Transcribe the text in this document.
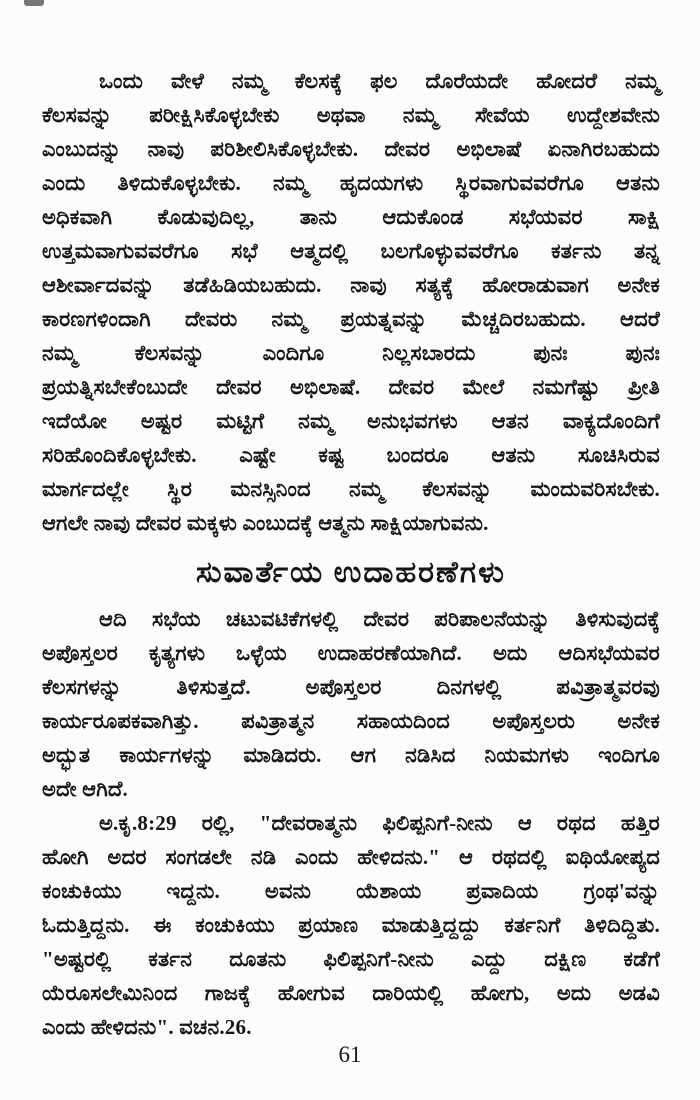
ಒಂದು ವೇಳೆ ನಮ್ಮ ಕೆಲಸಕ್ಕೆ ಫಲ ದೊರೆಯದೇ ಹೋದರೆ ನಮ್ಮ
ಕೆಲಸವನ್ನು ಪರೀಕ್ಷಿಸಿಕೊಳ್ಳಬೇಕು ಅಥವಾ ನಮ್ಮ ಸೇವೆಯ ಉದ್ದೇಶವೇನು
ಎಂಬುದನ್ನು ನಾವು ಪರಿಶೀಲಿಸಿಕೊಳ್ಳಬೇಕು. ದೇವರ ಅಭಿಲಾಷೆ ಏನಾಗಿರಬಹುದು
ಎಂದು ತಿಳಿದುಕೊಳ್ಳಬೇಕು. ನಮ್ಮ ಹೃದಯಗಳು ಸ್ಥಿರವಾಗುವವರೆಗೂ ಆತನು
ಅಧಿಕವಾಗಿ ಕೊಡುವುದಿಲ್ಲ, ತಾನು ಆದುಕೊಂಡ ಸಭೆಯವರ ಸಾಕ್ಷಿ
ಉತ್ತಮವಾಗುವವರೆಗೂ ಸಭೆ ಆತ್ಮದಲ್ಲಿ ಬಲಗೊಳ್ಳುವವರೆಗೂ ಕರ್ತನು ತನ್ನ
ಆಶೀರ್ವಾದವನ್ನು ತಡೆಹಿಡಿಯಬಹುದು. ನಾವು ಸತ್ಯಕ್ಕೆ ಹೋರಾಡುವಾಗ ಅನೇಕ
ಕಾರಣಗಳಿಂದಾಗಿ ದೇವರು ನಮ್ಮ ಪ್ರಯತ್ನವನ್ನು ಮೆಚ್ಚದಿರಬಹುದು. ಆದರೆ
ನಮ್ಮ ಕೆಲಸವನ್ನು ಎಂದಿಗೂ ನಿಲ್ಲಸಬಾರದು ಪುನಃ ಪುನಃ
ಪ್ರಯತ್ನಿಸಬೇಕೆಂಬುದೇ ದೇವರ ಅಭಿಲಾಷೆ. ದೇವರ ಮೇಲೆ ನಮಗೆಷ್ಟು ಪ್ರೀತಿ
ಇದೆಯೋ ಅಷ್ಟರ ಮಟ್ಟಿಗೆ ನಮ್ಮ ಅನುಭವಗಳು ಆತನ ವಾಕ್ಯದೊಂದಿಗೆ
ಸರಿಹೊಂದಿಕೊಳ್ಳಬೇಕು. ಎಷ್ಟೇ ಕಷ್ಟ ಬಂದರೂ ಆತನು ಸೂಚಿಸಿರುವ
ಮಾರ್ಗದಲ್ಲೇ ಸ್ಥಿರ ಮನಸ್ಸಿನಿಂದ ನಮ್ಮ ಕೆಲಸವನ್ನು ಮಂದುವರಿಸಬೇಕು.
ಆಗಲೇ ನಾವು ದೇವರ ಮಕ್ಕಳು ಎಂಬುದಕ್ಕೆ ಆತ್ಮನು ಸಾಕ್ಷಿಯಾಗುವನು.
ಸುವಾರ್ತೆಯ ಉದಾಹರಣೆಗಳು
ಆದಿ ಸಭೆಯ ಚಟುವಟಿಕೆಗಳಲ್ಲಿ ದೇವರ ಪರಿಪಾಲನೆಯನ್ನು ತಿಳಿಸುವುದಕ್ಕೆ
ಅಪೊಸ್ತಲರ ಕೃತ್ಯಗಳು ಒಳ್ಳೆಯ ಉದಾಹರಣೆಯಾಗಿದೆ. ಅದು ಆದಿಸಭೆಯವರ
ಕೆಲಸಗಳನ್ನು ತಿಳಿಸುತ್ತದೆ. ಅಪೊಸ್ತಲರ ದಿನಗಳಲ್ಲಿ ಪವಿತ್ರಾತ್ಮವರವು
ಕಾರ್ಯರೂಪಕವಾಗಿತ್ತು. ಪವಿತ್ರಾತ್ಮನ ಸಹಾಯದಿಂದ ಅಪೊಸ್ತಲರು ಅನೇಕ
ಅದ್ಭುತ ಕಾರ್ಯಗಳನ್ನು ಮಾಡಿದರು. ಆಗ ನಡಿಸಿದ ನಿಯಮಗಳು ಇಂದಿಗೂ
ಅದೇ ಆಗಿದೆ.
ಅ.ಕೃ.8:29 ರಲ್ಲಿ, "ದೇವರಾತ್ಮನು ಫಿಲಿಪ್ಪನಿಗೆ-ನೀನು ಆ ರಥದ ಹತ್ತಿರ
ಹೋಗಿ ಅದರ ಸಂಗಡಲೇ ನಡಿ ಎಂದು ಹೇಳಿದನು." ಆ ರಥದಲ್ಲಿ ಐಥಿಯೋಪ್ಯದ
ಕಂಚುಕಿಯು ಇದ್ದನು. ಅವನು ಯೆಶಾಯ ಪ್ರವಾದಿಯ ಗ್ರಂಥ'ವನ್ನು
ಓದುತ್ತಿದ್ದನು. ಈ ಕಂಚುಕಿಯು ಪ್ರಯಾಣ ಮಾಡುತ್ತಿದ್ದದ್ದು ಕರ್ತನಿಗೆ ತಿಳಿದಿದ್ದಿತು.
"ಅಷ್ಟರಲ್ಲಿ ಕರ್ತನ ದೂತನು ಫಿಲಿಪ್ಪನಿಗೆ-ನೀನು ಎದ್ದು ದಕ್ಷಿಣ ಕಡೆಗೆ
ಯೆರೂಸಲೇಮಿನಿಂದ ಗಾಜಕ್ಕೆ ಹೋಗುವ ದಾರಿಯಲ್ಲಿ ಹೋಗು, ಅದು ಅಡವಿ
ಎಂದು ಹೇಳಿದನು". ವಚನ.26.
61
